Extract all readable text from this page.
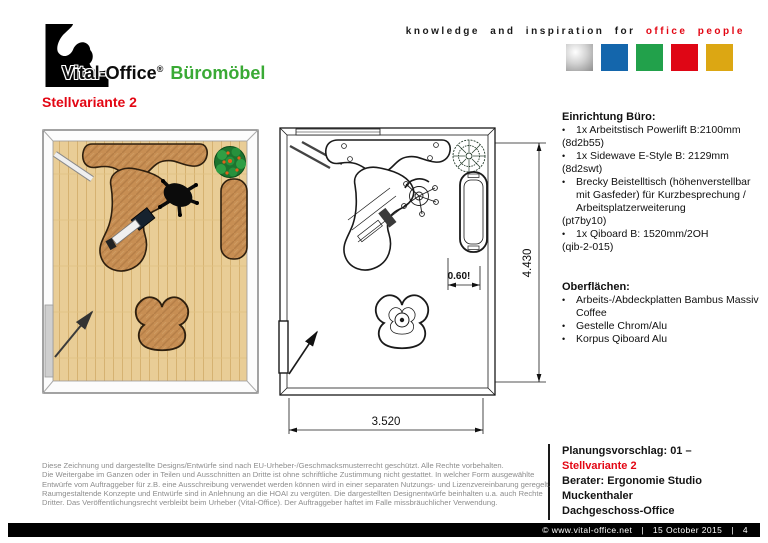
Vital-Office® Büromöbel
knowledge and inspiration for office people
Stellvariante 2
0.60!	4.430
3.520
Einrichtung Büro:
•	1x Arbeitstisch Powerlift B:2100mm
(8d2b55)
•	1x Sidewave E-Style B: 2129mm
(8d2swt)
•	Brecky Beistelltisch (höhenverstellbar mit Gasfeder) für Kurzbesprechung / Arbeitsplatzerweiterung
(pt7by10)
•	1x Qiboard B: 1520mm/2OH
(qib-2-015)
Oberflächen:
•	Arbeits-/Abdeckplatten Bambus Massiv  Coffee
•	Gestelle Chrom/Alu
•	Korpus Qiboard Alu
Planungsvorschlag: 01 – Stellvariante 2
Berater: Ergonomie Studio Muckenthaler
Dachgeschoss-Office
Diese Zeichnung und dargestellte Designs/Entwürfe sind nach EU-Urheber-/Geschmacksmusterrecht geschützt. Alle Rechte vorbehalten.
Die Weitergabe im Ganzen oder in Teilen und Ausschnitten an Dritte ist ohne schriftliche Zustimmung nicht gestattet. In welcher Form ausgewählte
Entwürfe vom Auftraggeber für z.B. eine Ausschreibung verwendet werden können wird in einer separaten Nutzungs- und Lizenzvereinbarung geregelt.
Raumgestaltende Konzepte und Entwürfe sind in Anlehnung an die HOAI zu vergüten. Die dargestellten Designentwürfe beinhalten u.a. auch Rechte
Dritter. Das Veröffentlichungsrecht verbleibt beim Urheber (Vital-Office). Der Auftraggeber haftet im Falle missbräuchlicher Verwendung.
© www.vital-office.net | 15 October 2015 | 4
